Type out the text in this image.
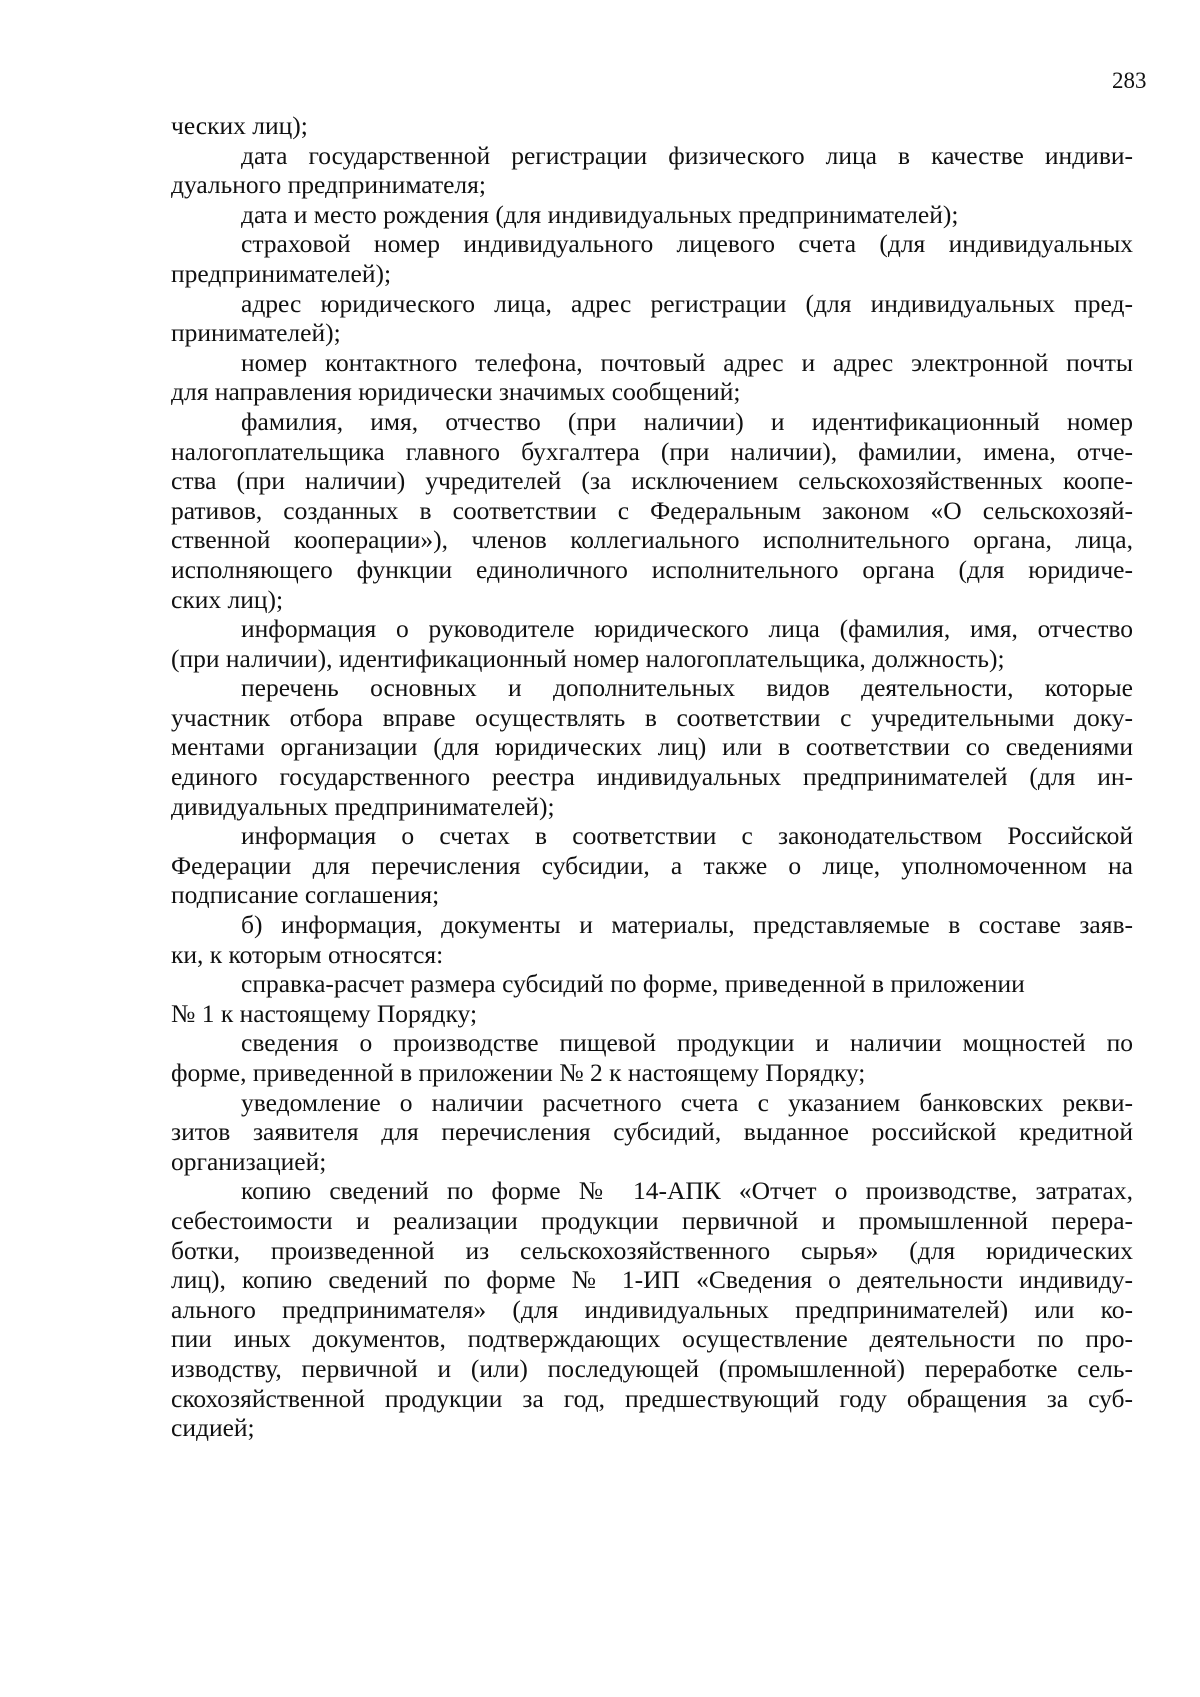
283
ческих лиц);
дата государственной регистрации физического лица в качестве индиви-
дуального предпринимателя;
дата и место рождения (для индивидуальных предпринимателей);
страховой номер индивидуального лицевого счета (для индивидуальных
предпринимателей);
адрес юридического лица, адрес регистрации (для индивидуальных пред-
принимателей);
номер контактного телефона, почтовый адрес и адрес электронной почты
для направления юридически значимых сообщений;
фамилия, имя, отчество (при наличии) и идентификационный номер
налогоплательщика главного бухгалтера (при наличии), фамилии, имена, отче-
ства (при наличии) учредителей (за исключением сельскохозяйственных коопе-
ративов, созданных в соответствии с Федеральным законом «О сельскохозяй-
ственной кооперации»), членов коллегиального исполнительного органа, лица,
исполняющего функции единоличного исполнительного органа (для юридиче-
ских лиц);
информация о руководителе юридического лица (фамилия, имя, отчество
(при наличии), идентификационный номер налогоплательщика, должность);
перечень основных и дополнительных видов деятельности, которые
участник отбора вправе осуществлять в соответствии с учредительными доку-
ментами организации (для юридических лиц) или в соответствии со сведениями
единого государственного реестра индивидуальных предпринимателей (для ин-
дивидуальных предпринимателей);
информация о счетах в соответствии с законодательством Российской
Федерации для перечисления субсидии, а также о лице, уполномоченном на
подписание соглашения;
б) информация, документы и материалы, представляемые в составе заяв-
ки, к которым относятся:
справка-расчет размера субсидий по форме, приведенной в приложении
№ 1 к настоящему Порядку;
сведения о производстве пищевой продукции и наличии мощностей по
форме, приведенной в приложении № 2 к настоящему Порядку;
уведомление о наличии расчетного счета с указанием банковских рекви-
зитов заявителя для перечисления субсидий, выданное российской кредитной
организацией;
копию сведений по форме № 14-АПК «Отчет о производстве, затратах,
себестоимости и реализации продукции первичной и промышленной перера-
ботки, произведенной из сельскохозяйственного сырья» (для юридических
лиц), копию сведений по форме № 1-ИП «Сведения о деятельности индивиду-
ального предпринимателя» (для индивидуальных предпринимателей) или ко-
пии иных документов, подтверждающих осуществление деятельности по про-
изводству, первичной и (или) последующей (промышленной) переработке сель-
скохозяйственной продукции за год, предшествующий году обращения за суб-
сидией;
